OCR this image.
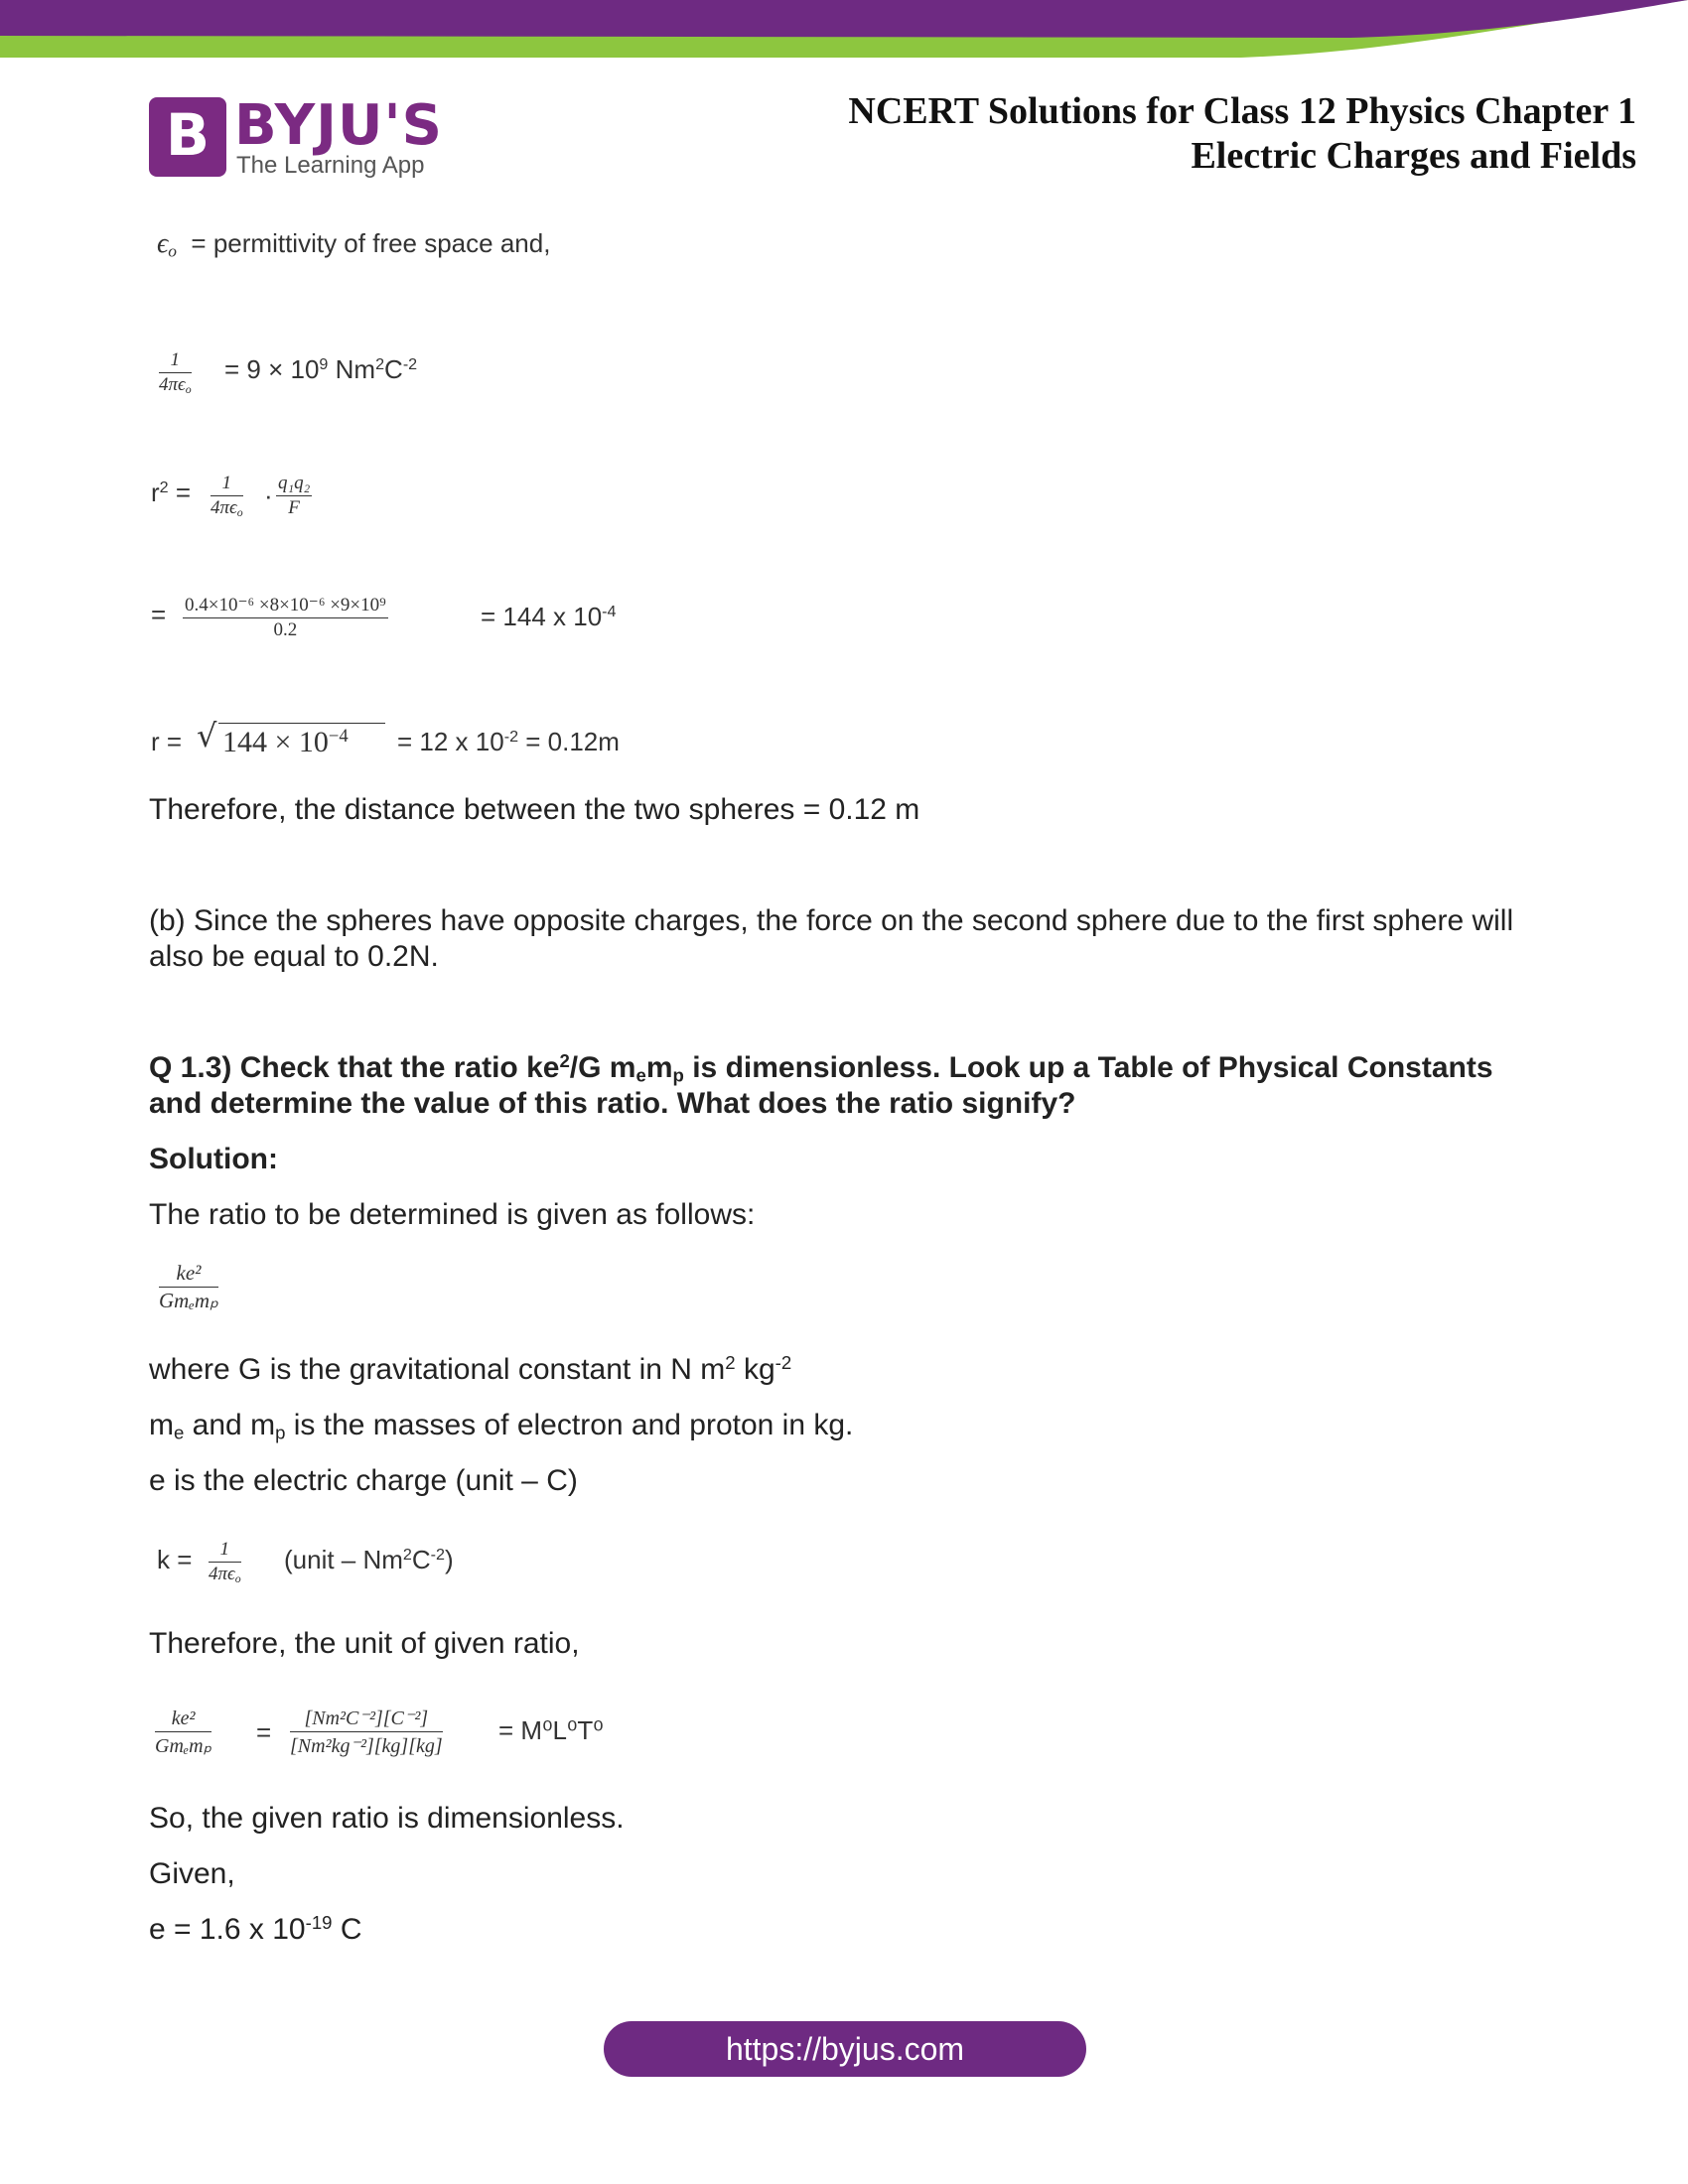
B BYJU'S
The Learning App
NCERT Solutions for Class 12 Physics Chapter 1
Electric Charges and Fields
$\epsilon_o$ = permittivity of free space and,
1
$4\pi\epsilon_o$
= $9 \times 10^9$ $Nm^2C^{-2}$
$r^2$ =	1
$4\pi\epsilon_o$
· $\frac{\text{q₁q₂}}{F}$
= $\frac{\text{0.4×10⁻⁶ ×8×10⁻⁶ ×9×10⁹}}{0.2}$	= 144 x $10^{-4}$
r = √ $144 \times 10^{-4} = 12$ x $10^{-2} = 0.12m$
Therefore, the distance between the two spheres = 0.12 m
(b) Since the spheres have opposite charges, the force on the second sphere due to the first sphere will
also be equal to 0.2N.
Q 1.3) Check that the ratio $ke^2/G$ $m_em_p$ is dimensionless. Look up a Table of Physical Constants
and determine the value of this ratio. What does the ratio signify?
Solution:
The ratio to be determined is given as follows:
ke²
Gmₑmₚ
where G is the gravitational constant in N $m^2$ $kg^{-2}$
$m_e$ and $m_p$ is the masses of electron and proton in kg.
e is the electric charge (unit – C)
k =	1
$4\pi\epsilon_o$
(unit – $Nm^2C^{-2}$)
Therefore, the unit of given ratio,
ke²
$Gm_em_p = \frac{\text{[Nm²C⁻²][C⁻²]}}{\text{[Nm²kg⁻²][kg][kg]}} = M^0L^0T^0$
So, the given ratio is dimensionless.
Given,
e = 1.6 x $10^{-19}$ C
https://byjus.com
